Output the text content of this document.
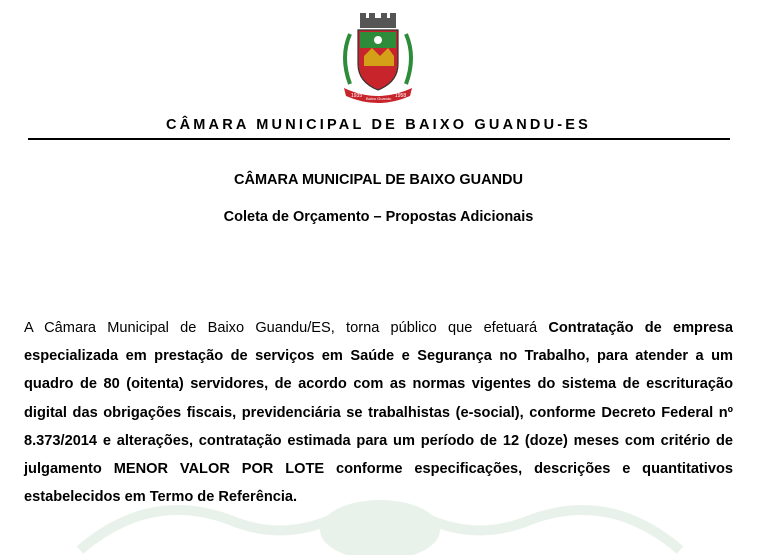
1935 Baixo Guandu 1958
CÂMARA MUNICIPAL DE BAIXO GUANDU-ES
CÂMARA MUNICIPAL DE BAIXO GUANDU
Coleta de Orçamento – Propostas Adicionais

A Câmara Municipal de Baixo Guandu/ES, torna público que efetuará Contratação de empresa especializada em prestação de serviços em Saúde e Segurança no Trabalho, para atender a um quadro de 80 (oitenta) servidores, de acordo com as normas vigentes do sistema de escrituração digital das obrigações fiscais, previdenciária se trabalhistas (e-social), conforme Decreto Federal nº 8.373/2014 e alterações, contratação estimada para um período de 12 (doze) meses com critério de julgamento MENOR VALOR POR LOTE conforme especificações, descrições e quantitativos estabelecidos em Termo de Referência.
